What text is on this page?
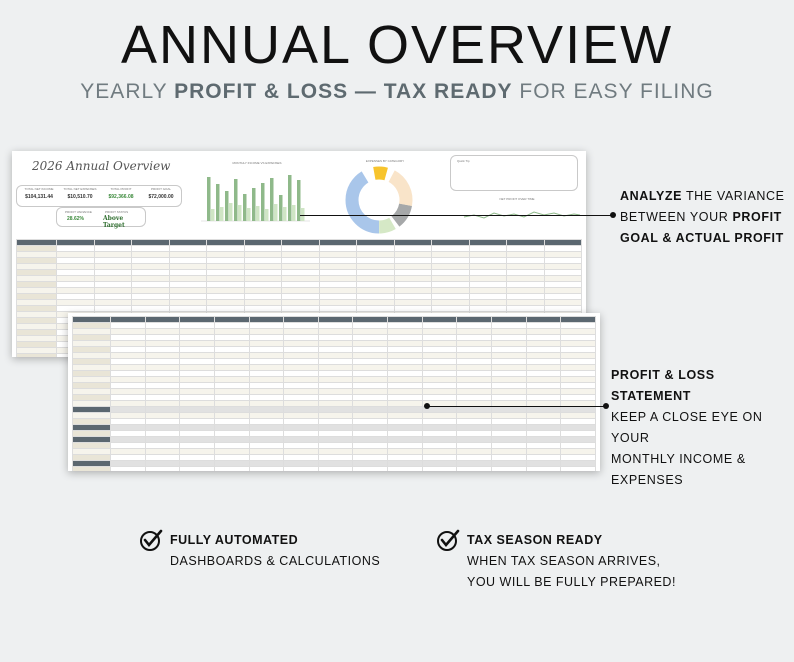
ANNUAL OVERVIEW
YEARLY PROFIT & LOSS — TAX READY FOR EASY FILING
2026 Annual Overview
TOTAL NET INCOME
$104,131.44
TOTAL NET EXPENSES
$10,510.70
TOTAL PROFIT
$92,366.08
PROFIT GOAL
$72,000.00
PROFIT VARIANCE	PROFIT STATUS
28.62%	Above Target
MONTHLY INCOME VS EXPENSES	EXPENSES BY CATEGORY	Quick Tip
NET PROFIT OVER TIME

															ANALYZE THE VARIANCE
BETWEEN YOUR PROFIT
GOAL & ACTUAL PROFIT
PROFIT & LOSS STATEMENT
KEEP A CLOSE EYE ON YOUR
MONTHLY INCOME & EXPENSES
FULLY AUTOMATED
DASHBOARDS & CALCULATIONS
TAX SEASON READY
WHEN TAX SEASON ARRIVES,
YOU WILL BE FULLY PREPARED!
